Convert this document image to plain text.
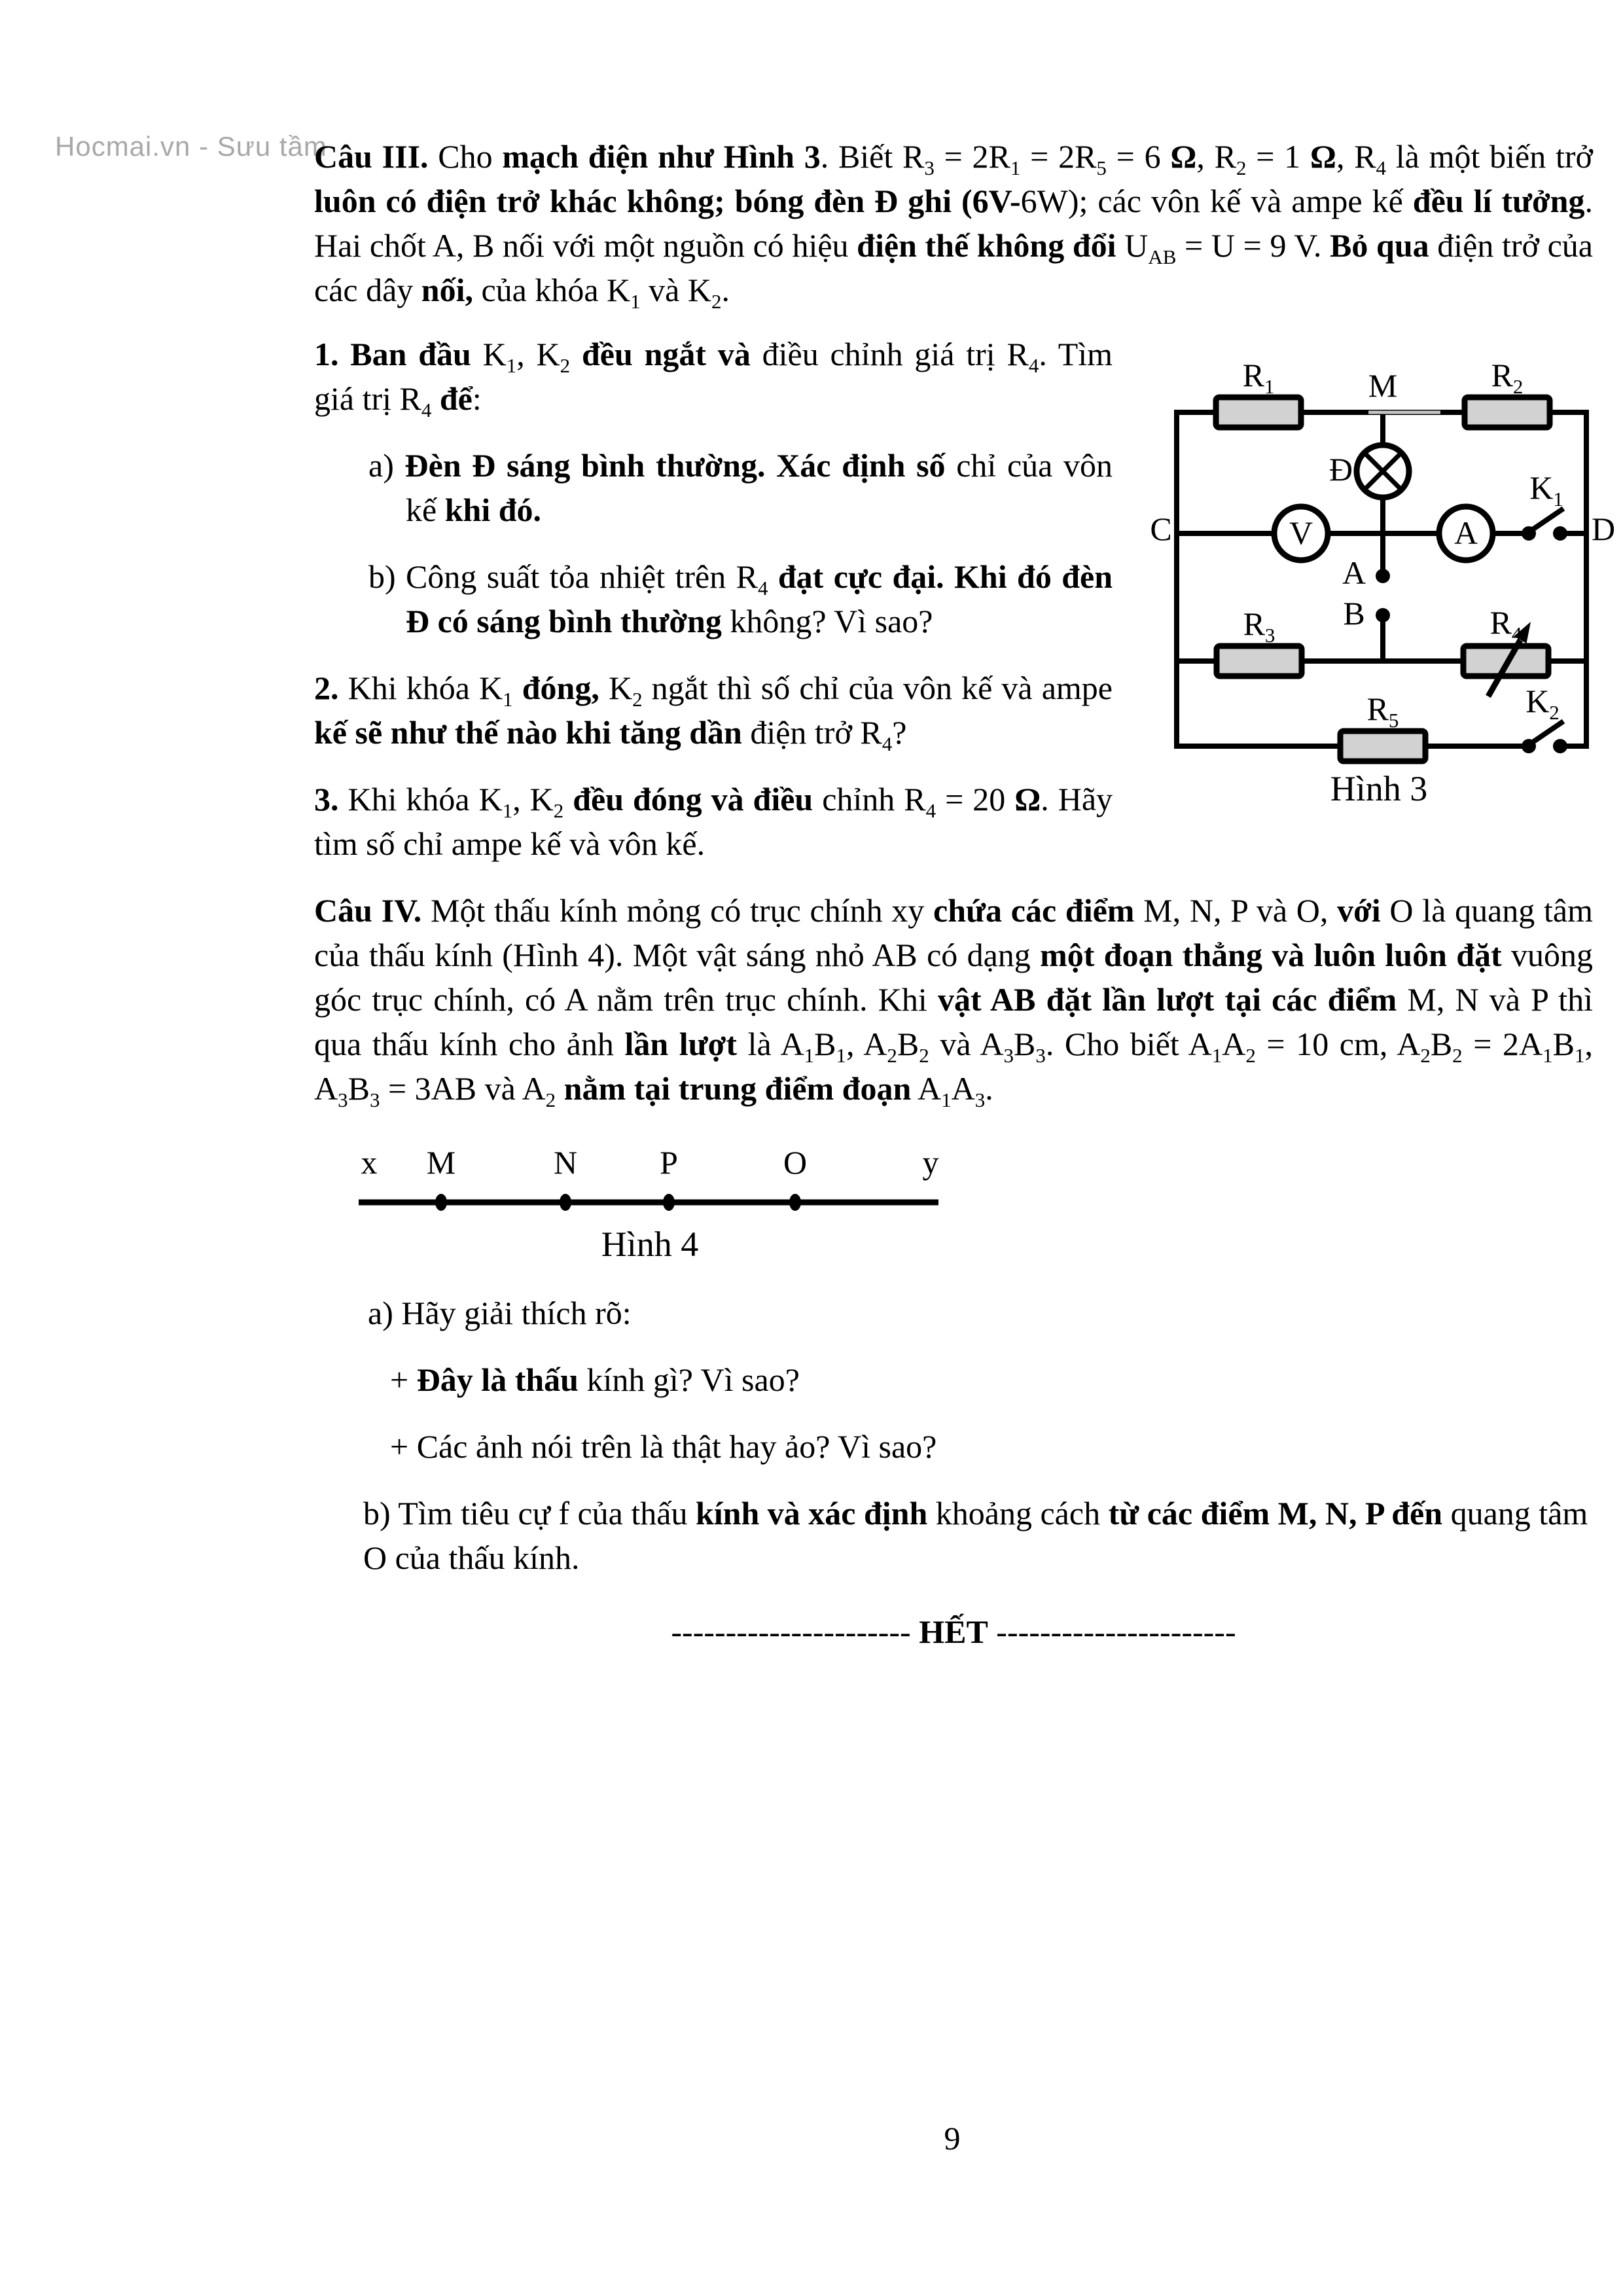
Hocmai.vn - Sưu tầm

Câu III. Cho mạch điện như Hình 3. Biết $R_3 = 2R_1 = 2R_5 = 6$ Ω, $R_2 = 1$ Ω, $R_4$ là một biến trở luôn có điện trở khác không; bóng đèn Đ ghi (6V-6W); các vôn kế và ampe kế đều lí tưởng. Hai chốt A, B nối với một nguồn có hiệu điện thế không đổi $U_{AB} = U = 9$ V. Bỏ qua điện trở của các dây nối, của khóa $K_1$ và $K_2$.

1. Ban đầu $K_1$, $K_2$ đều ngắt và điều chỉnh giá trị $R_4$. Tìm giá trị $R_4$ để:

a) Đèn Đ sáng bình thường. Xác định số chỉ của vôn kế khi đó.

b) Công suất tỏa nhiệt trên $R_4$ đạt cực đại. Khi đó đèn Đ có sáng bình thường không? Vì sao?

2. Khi khóa $K_1$ đóng, $K_2$ ngắt thì số chỉ của vôn kế và ampe kế sẽ như thế nào khi tăng dần điện trở $R_4$?

3. Khi khóa $K_1$, $K_2$ đều đóng và điều chỉnh $R_4 = 20$ Ω. Hãy tìm số chỉ ampe kế và vôn kế.

$R_1$	M	$R_2$
Đ
C	V	A
$K_1$
D
A
B
$R_3$	$R_4$
$R_5$
$K_2$
Hình 3

Câu IV. Một thấu kính mỏng có trục chính xy chứa các điểm M, N, P và O, với O là quang tâm của thấu kính (Hình 4). Một vật sáng nhỏ AB có dạng một đoạn thẳng và luôn luôn đặt vuông góc trục chính, có A nằm trên trục chính. Khi vật AB đặt lần lượt tại các điểm M, N và P thì qua thấu kính cho ảnh lần lượt là $A_1B_1$, $A_2B_2$ và $A_3B_3$. Cho biết $A_1A_2 = 10$ cm, $A_2B_2 = 2A_1B_1$, $A_3B_3 = 3AB$ và $A_2$ nằm tại trung điểm đoạn $A_1A_3$.

x M	N	P	O	y
Hình 4

a) Hãy giải thích rõ:

+ Đây là thấu kính gì? Vì sao?

+ Các ảnh nói trên là thật hay ảo? Vì sao?

b) Tìm tiêu cự f của thấu kính và xác định khoảng cách từ các điểm M, N, P đến quang tâm O của thấu kính.

---------------------- HẾT ----------------------

9
